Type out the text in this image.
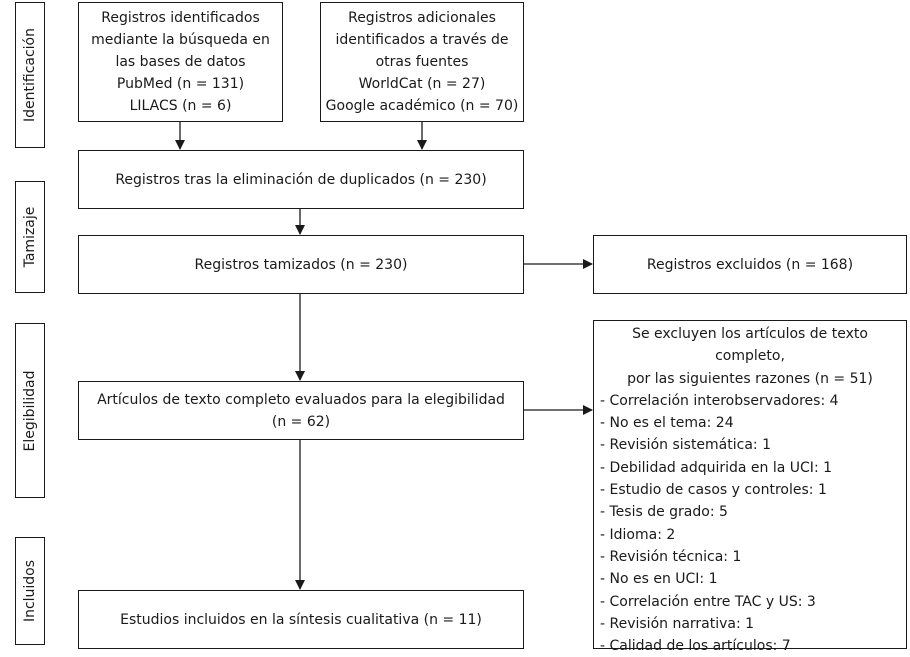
Identificación
Tamizaje
Elegibilidad
Incluidos
Registros identificados
mediante la búsqueda en
las bases de datos
PubMed (n = 131)
LILACS (n = 6)
Registros adicionales
identificados a través de
otras fuentes
WorldCat (n = 27)
Google académico (n = 70)
Registros tras la eliminación de duplicados (n = 230)
Registros tamizados (n = 230)	Registros excluidos (n = 168)
Artículos de texto completo evaluados para la elegibilidad
(n = 62)
Estudios incluidos en la síntesis cualitativa (n = 11)
Se excluyen los artículos de texto completo,
por las siguientes razones (n = 51)
- Correlación interobservadores: 4
- No es el tema: 24
- Revisión sistemática: 1
- Debilidad adquirida en la UCI: 1
- Estudio de casos y controles: 1
- Tesis de grado: 5
- Idioma: 2
- Revisión técnica: 1
- No es en UCI: 1
- Correlación entre TAC y US: 3
- Revisión narrativa: 1
- Calidad de los artículos: 7
